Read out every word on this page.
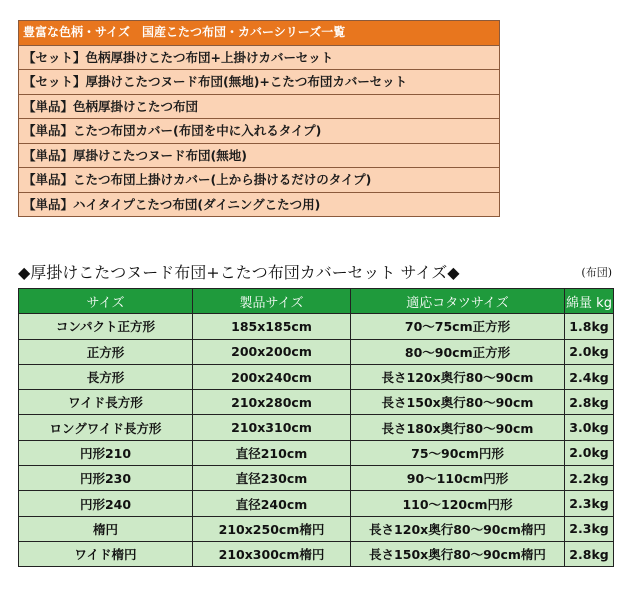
豊富な色柄・サイズ　国産こたつ布団・カバーシリーズ一覧
【セット】色柄厚掛けこたつ布団+上掛けカバーセット
【セット】厚掛けこたつヌード布団(無地)+こたつ布団カバーセット
【単品】色柄厚掛けこたつ布団
【単品】こたつ布団カバー(布団を中に入れるタイプ)
【単品】厚掛けこたつヌード布団(無地)
【単品】こたつ布団上掛けカバー(上から掛けるだけのタイプ)
【単品】ハイタイプこたつ布団(ダイニングこたつ用)
◆厚掛けこたつヌード布団+こたつ布団カバーセット サイズ◆	(布団)
サイズ	製品サイズ	適応コタツサイズ	綿量 kg
コンパクト正方形	185x185cm	70～75cm正方形	1.8kg
正方形	200x200cm	80～90cm正方形	2.0kg
長方形	200x240cm	長さ120x奥行80～90cm	2.4kg
ワイド長方形	210x280cm	長さ150x奥行80～90cm	2.8kg
ロングワイド長方形	210x310cm	長さ180x奥行80～90cm	3.0kg
円形210	直径210cm	75～90cm円形	2.0kg
円形230	直径230cm	90～110cm円形	2.2kg
円形240	直径240cm	110～120cm円形	2.3kg
楕円	210x250cm楕円	長さ120x奥行80～90cm楕円	2.3kg
ワイド楕円	210x300cm楕円	長さ150x奥行80～90cm楕円	2.8kg
